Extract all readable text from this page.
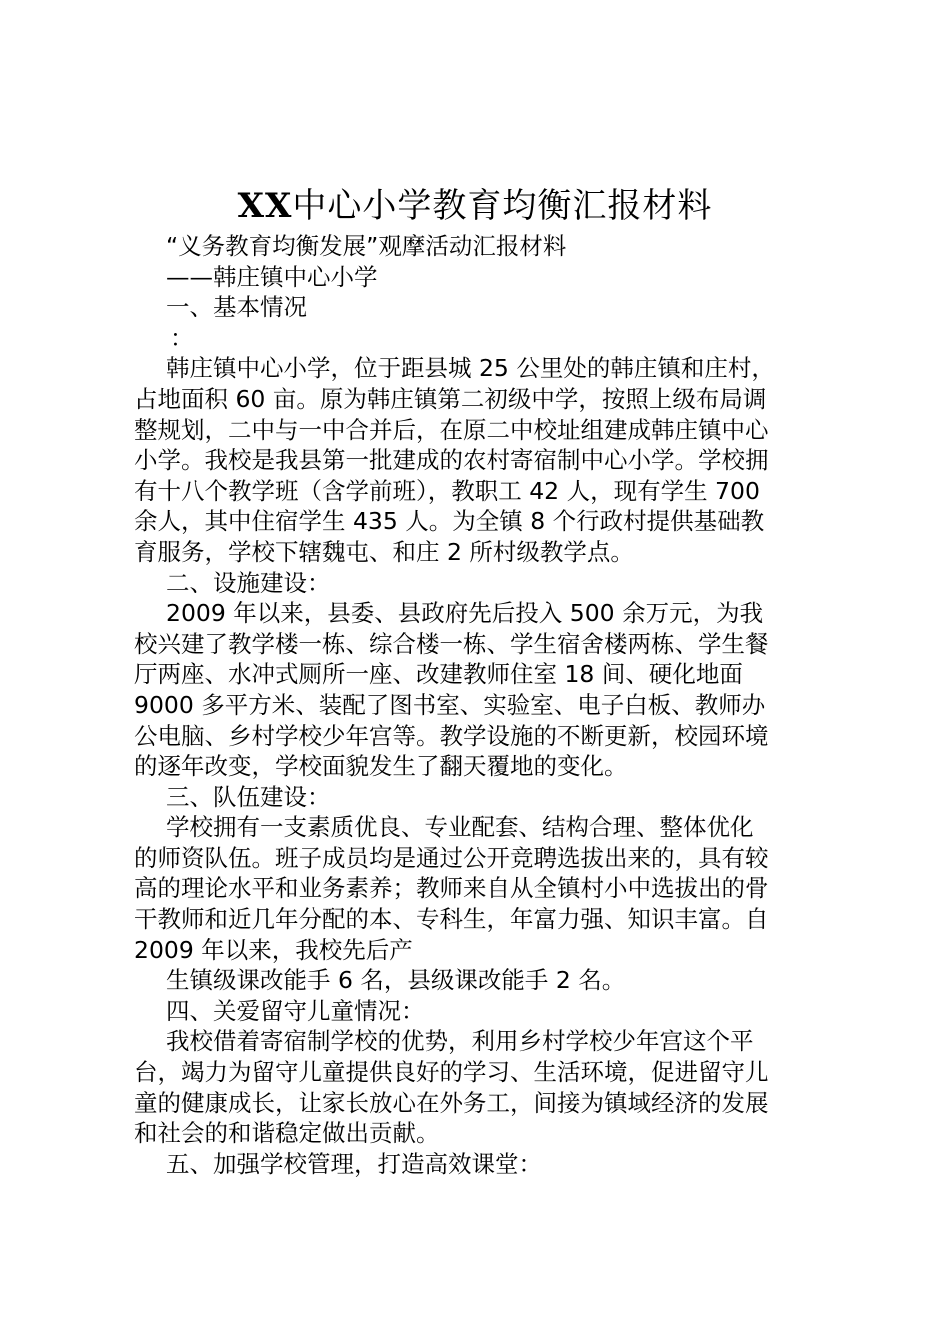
XX中心小学教育均衡汇报材料
“义务教育均衡发展”观摩活动汇报材料
——韩庄镇中心小学
一、基本情况
：
韩庄镇中心小学，位于距县城 25 公里处的韩庄镇和庄村，
占地面积 60 亩。原为韩庄镇第二初级中学，按照上级布局调
整规划，二中与一中合并后，在原二中校址组建成韩庄镇中心
小学。我校是我县第一批建成的农村寄宿制中心小学。学校拥
有十八个教学班（含学前班），教职工 42 人，现有学生 700
余人，其中住宿学生 435 人。为全镇 8 个行政村提供基础教
育服务，学校下辖魏屯、和庄 2 所村级教学点。
二、设施建设：
2009 年以来，县委、县政府先后投入 500 余万元，为我
校兴建了教学楼一栋、综合楼一栋、学生宿舍楼两栋、学生餐
厅两座、水冲式厕所一座、改建教师住室 18 间、硬化地面
9000 多平方米、装配了图书室、实验室、电子白板、教师办
公电脑、乡村学校少年宫等。教学设施的不断更新，校园环境
的逐年改变，学校面貌发生了翻天覆地的变化。
三、队伍建设：
学校拥有一支素质优良、专业配套、结构合理、整体优化
的师资队伍。班子成员均是通过公开竞聘选拔出来的，具有较
高的理论水平和业务素养；教师来自从全镇村小中选拔出的骨
干教师和近几年分配的本、专科生，年富力强、知识丰富。自
2009 年以来，我校先后产
生镇级课改能手 6 名，县级课改能手 2 名。
四、关爱留守儿童情况：
我校借着寄宿制学校的优势，利用乡村学校少年宫这个平
台，竭力为留守儿童提供良好的学习、生活环境，促进留守儿
童的健康成长，让家长放心在外务工，间接为镇域经济的发展
和社会的和谐稳定做出贡献。
五、加强学校管理，打造高效课堂：
